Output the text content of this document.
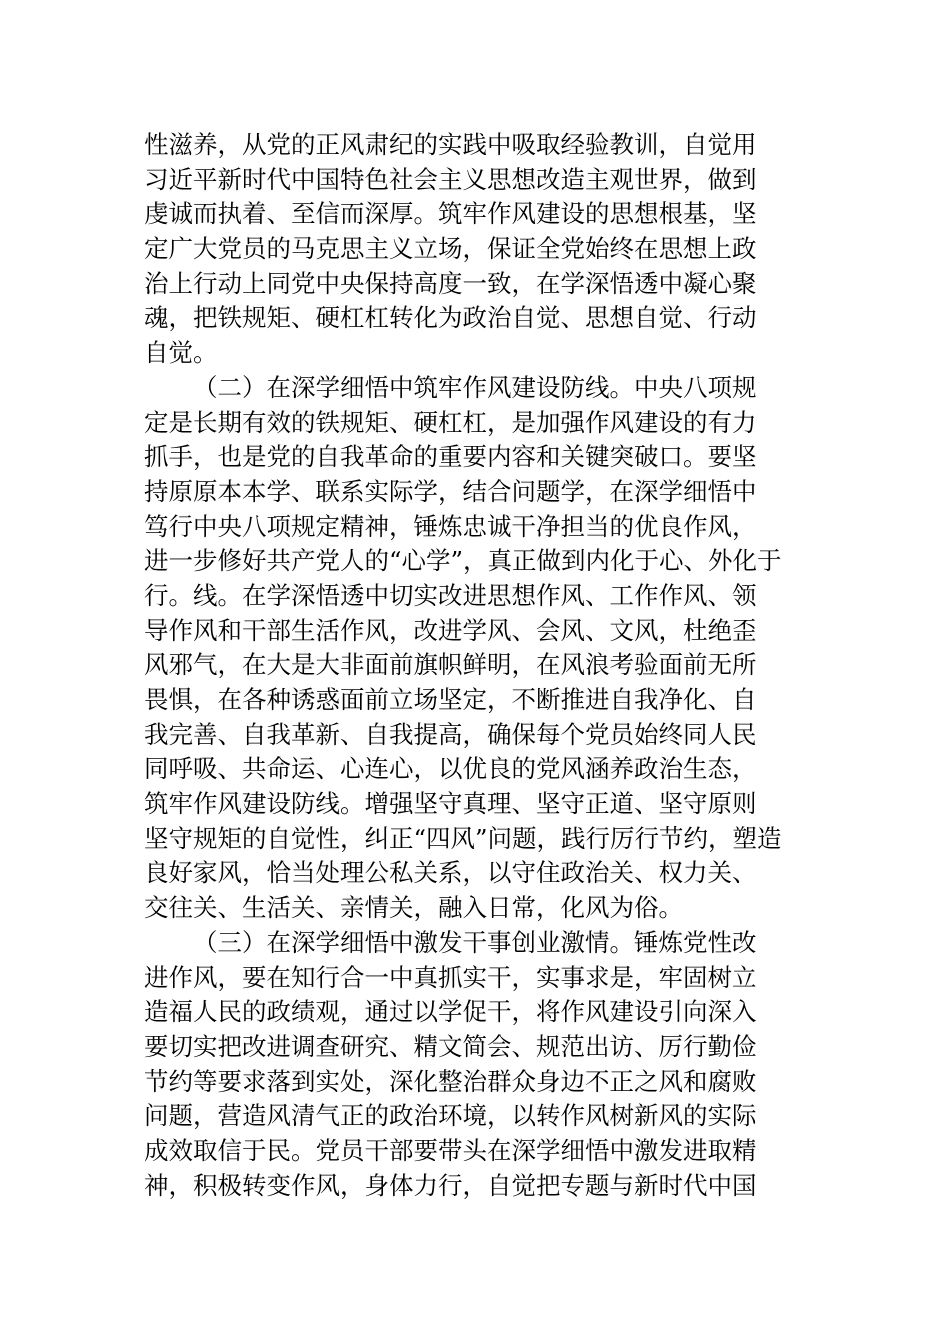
性滋养，从党的正风肃纪的实践中吸取经验教训，自觉用
习近平新时代中国特色社会主义思想改造主观世界，做到
虔诚而执着、至信而深厚。筑牢作风建设的思想根基，坚
定广大党员的马克思主义立场，保证全党始终在思想上政
治上行动上同党中央保持高度一致，在学深悟透中凝心聚
魂，把铁规矩、硬杠杠转化为政治自觉、思想自觉、行动
自觉。
（二）在深学细悟中筑牢作风建设防线。中央八项规
定是长期有效的铁规矩、硬杠杠，是加强作风建设的有力
抓手，也是党的自我革命的重要内容和关键突破口。要坚
持原原本本学、联系实际学，结合问题学，在深学细悟中
笃行中央八项规定精神，锤炼忠诚干净担当的优良作风，
进一步修好共产党人的“心学”，真正做到内化于心、外化于
行。线。在学深悟透中切实改进思想作风、工作作风、领
导作风和干部生活作风，改进学风、会风、文风，杜绝歪
风邪气，在大是大非面前旗帜鲜明，在风浪考验面前无所
畏惧，在各种诱惑面前立场坚定，不断推进自我净化、自
我完善、自我革新、自我提高，确保每个党员始终同人民
同呼吸、共命运、心连心，以优良的党风涵养政治生态，
筑牢作风建设防线。增强坚守真理、坚守正道、坚守原则
坚守规矩的自觉性，纠正“四风”问题，践行厉行节约，塑造
良好家风，恰当处理公私关系，以守住政治关、权力关、
交往关、生活关、亲情关，融入日常，化风为俗。
（三）在深学细悟中激发干事创业激情。锤炼党性改
进作风，要在知行合一中真抓实干，实事求是，牢固树立
造福人民的政绩观，通过以学促干，将作风建设引向深入
要切实把改进调查研究、精文简会、规范出访、厉行勤俭
节约等要求落到实处，深化整治群众身边不正之风和腐败
问题，营造风清气正的政治环境，以转作风树新风的实际
成效取信于民。党员干部要带头在深学细悟中激发进取精
神，积极转变作风，身体力行，自觉把专题与新时代中国
